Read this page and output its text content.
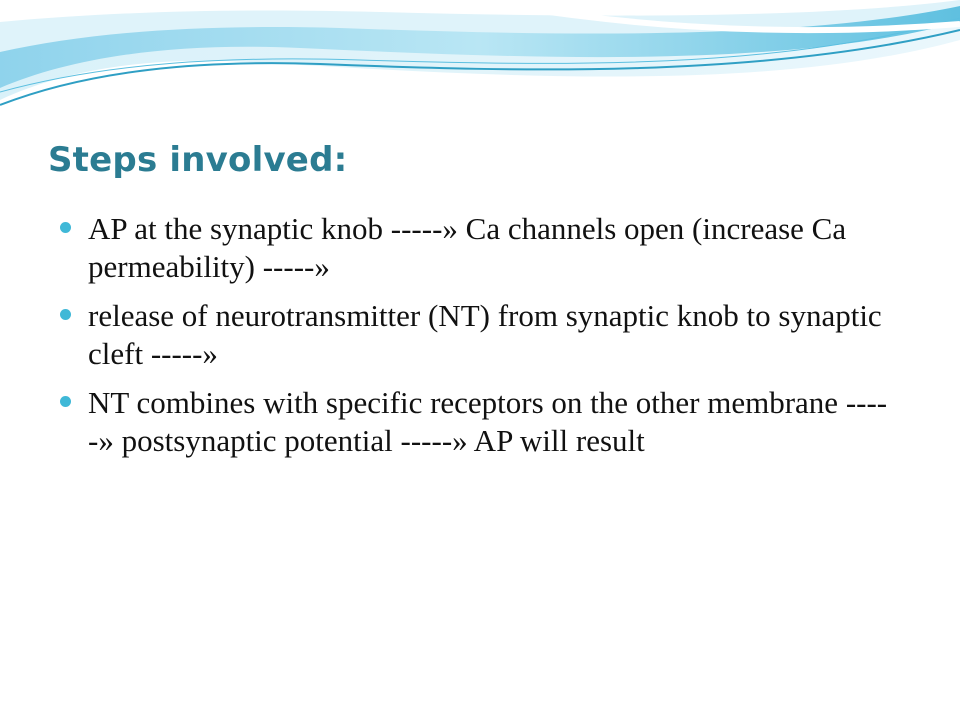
Steps involved:
AP at the synaptic knob -----» Ca channels open (increase Ca permeability) -----»
release of neurotransmitter (NT) from synaptic knob to synaptic cleft -----»
NT combines with specific receptors on the other membrane -----» postsynaptic potential -----» AP will result
